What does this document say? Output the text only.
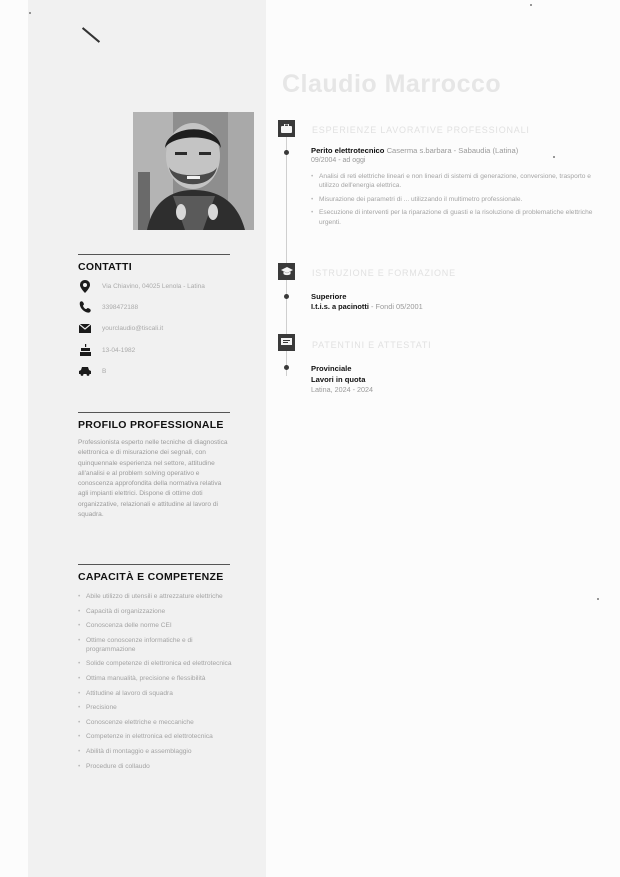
Claudio Marrocco
CONTATTI
Via Chiavino, 04025 Lenola - Latina
3398472188
yourclaudio@tiscali.it
13-04-1982
B
PROFILO PROFESSIONALE
Professionista esperto nelle tecniche di diagnostica elettronica e di misurazione dei segnali, con quinquennale esperienza nel settore, attitudine all'analisi e al problem solving operativo e conoscenza approfondita della normativa relativa agli impianti elettrici. Dispone di ottime doti organizzative, relazionali e attitudine al lavoro di squadra.
CAPACITÀ E COMPETENZE
• Abile utilizzo di utensili e attrezzature elettriche
• Capacità di organizzazione
• Conoscenza delle norme CEI
• Ottime conoscenze informatiche e di programmazione
• Solide competenze di elettronica ed elettrotecnica
• Ottima manualità, precisione e flessibilità
• Attitudine al lavoro di squadra
• Precisione
• Conoscenze elettriche e meccaniche
• Competenze in elettronica ed elettrotecnica
• Abilità di montaggio e assemblaggio
• Procedure di collaudo
ESPERIENZE LAVORATIVE PROFESSIONALI
Perito elettrotecnico Caserma s.barbara - Sabaudia (Latina)
09/2004 - ad oggi
• Analisi di reti elettriche lineari e non lineari di sistemi di generazione, conversione, trasporto e utilizzo dell'energia elettrica.
• Misurazione dei parametri di ... utilizzando il multimetro professionale.
• Esecuzione di interventi per la riparazione di guasti e la risoluzione di problematiche elettriche urgenti.
ISTRUZIONE E FORMAZIONE
Superiore
I.t.i.s. a pacinotti - Fondi 05/2001
PATENTINI E ATTESTATI
Provinciale
Lavori in quota
Latina, 2024 - 2024
